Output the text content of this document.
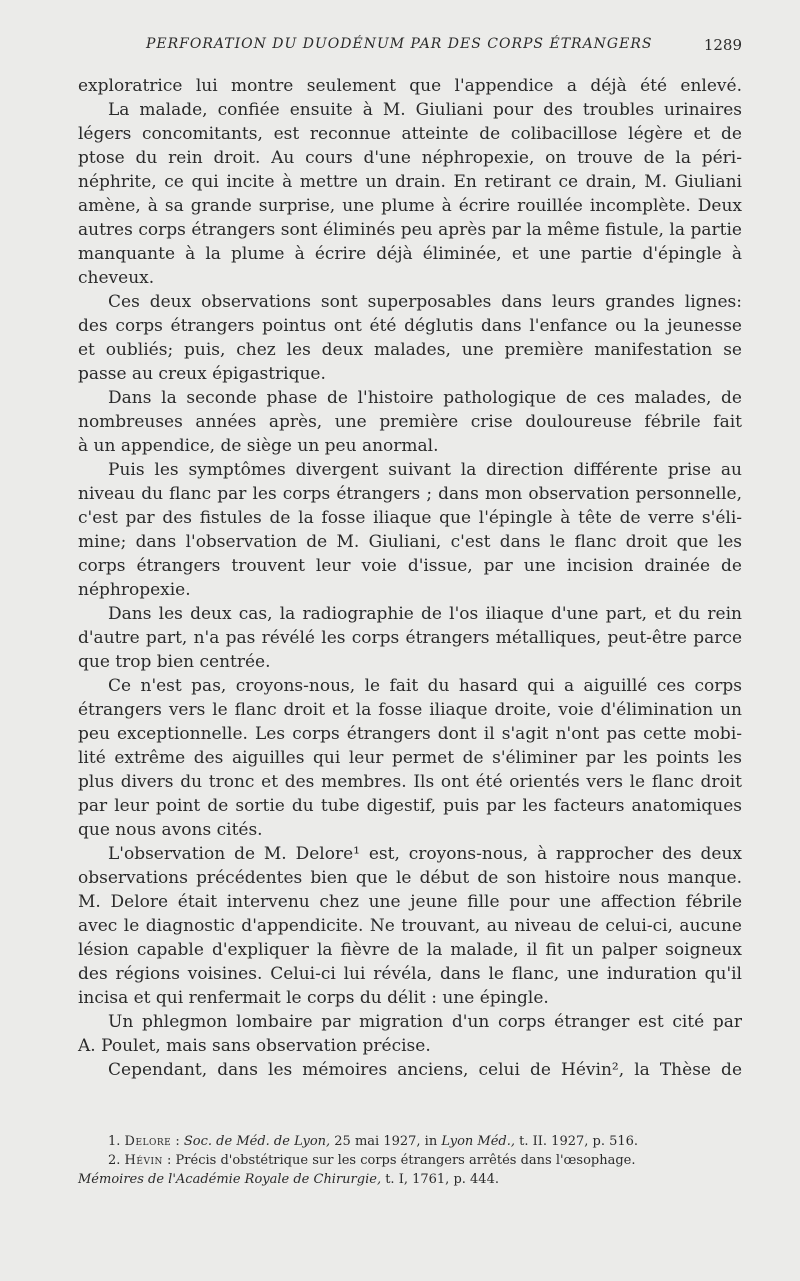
PERFORATION DU DUODÉNUM PAR DES CORPS ÉTRANGERS	1289
exploratrice lui montre seulement que l'appendice a déjà été enlevé.
La malade, confiée ensuite à M. Giuliani pour des troubles urinaires
légers concomitants, est reconnue atteinte de colibacillose légère et de
ptose du rein droit. Au cours d'une néphropexie, on trouve de la péri-
néphrite, ce qui incite à mettre un drain. En retirant ce drain, M. Giuliani
amène, à sa grande surprise, une plume à écrire rouillée incomplète. Deux
autres corps étrangers sont éliminés peu après par la même fistule, la partie
manquante à la plume à écrire déjà éliminée, et une partie d'épingle à
cheveux.
Ces deux observations sont superposables dans leurs grandes lignes:
des corps étrangers pointus ont été déglutis dans l'enfance ou la jeunesse
et oubliés; puis, chez les deux malades, une première manifestation se
passe au creux épigastrique.
Dans la seconde phase de l'histoire pathologique de ces malades, de
nombreuses années après, une première crise douloureuse fébrile fait
à un appendice, de siège un peu anormal.
Puis les symptômes divergent suivant la direction différente prise au
niveau du flanc par les corps étrangers ; dans mon observation personnelle,
c'est par des fistules de la fosse iliaque que l'épingle à tête de verre s'éli-
mine; dans l'observation de M. Giuliani, c'est dans le flanc droit que les
corps étrangers trouvent leur voie d'issue, par une incision drainée de
néphropexie.
Dans les deux cas, la radiographie de l'os iliaque d'une part, et du rein
d'autre part, n'a pas révélé les corps étrangers métalliques, peut-être parce
que trop bien centrée.
Ce n'est pas, croyons-nous, le fait du hasard qui a aiguillé ces corps
étrangers vers le flanc droit et la fosse iliaque droite, voie d'élimination un
peu exceptionnelle. Les corps étrangers dont il s'agit n'ont pas cette mobi-
lité extrême des aiguilles qui leur permet de s'éliminer par les points les
plus divers du tronc et des membres. Ils ont été orientés vers le flanc droit
par leur point de sortie du tube digestif, puis par les facteurs anatomiques
que nous avons cités.
L'observation de M. Delore¹ est, croyons-nous, à rapprocher des deux
observations précédentes bien que le début de son histoire nous manque.
M. Delore était intervenu chez une jeune fille pour une affection fébrile
avec le diagnostic d'appendicite. Ne trouvant, au niveau de celui-ci, aucune
lésion capable d'expliquer la fièvre de la malade, il fit un palper soigneux
des régions voisines. Celui-ci lui révéla, dans le flanc, une induration qu'il
incisa et qui renfermait le corps du délit : une épingle.
Un phlegmon lombaire par migration d'un corps étranger est cité par
A. Poulet, mais sans observation précise.
Cependant, dans les mémoires anciens, celui de Hévin², la Thèse de
1. Delore : Soc. de Méd. de Lyon, 25 mai 1927, in Lyon Méd., t. II. 1927, p. 516.
2. Hévin : Précis d'obstétrique sur les corps étrangers arrêtés dans l'œsophage.
Mémoires de l'Académie Royale de Chirurgie, t. I, 1761, p. 444.
